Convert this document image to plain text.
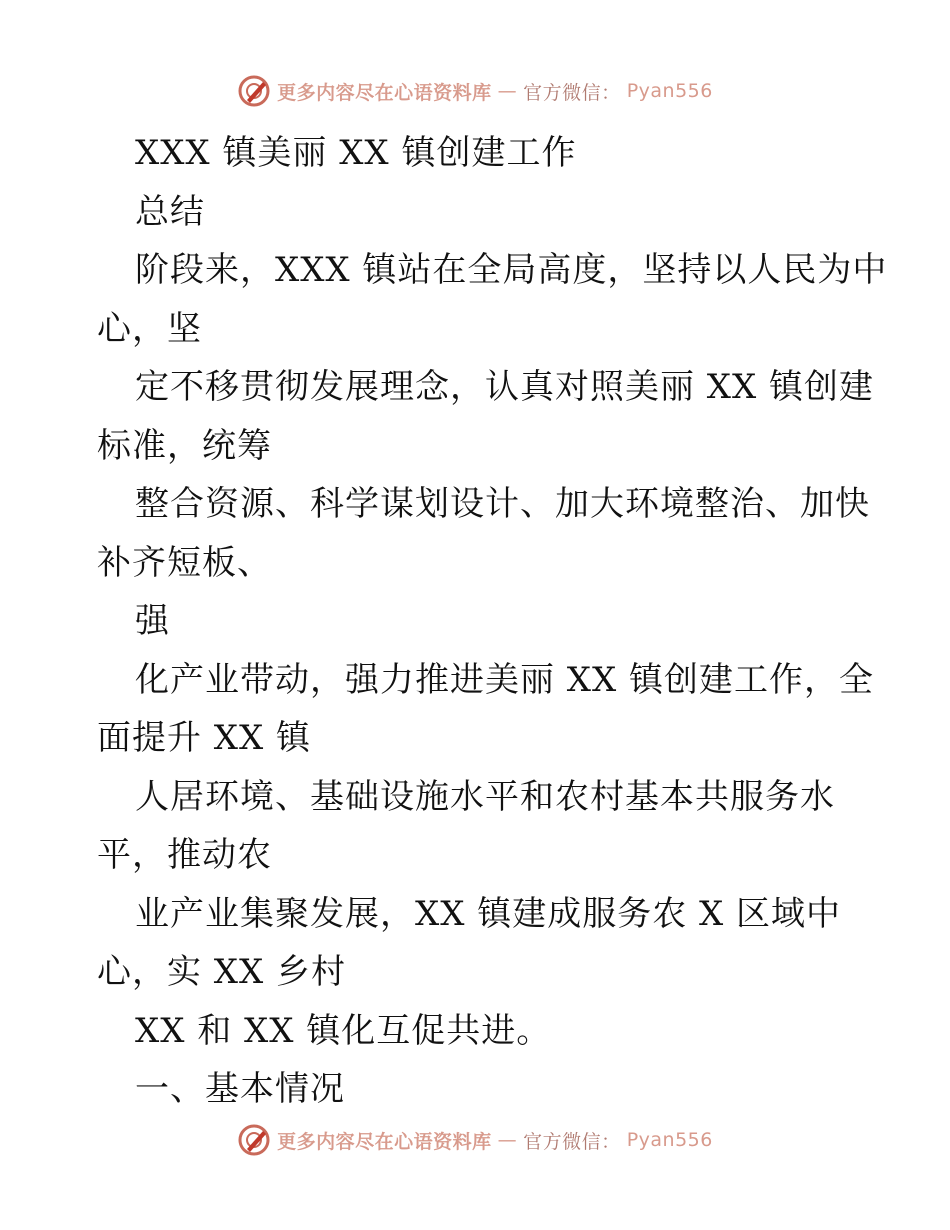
更多内容尽在心语资料库 — 官方微信： Pyan556
XXX 镇美丽 XX 镇创建工作
总结
阶段来，XXX 镇站在全局高度，坚持以人民为中
心，坚
定不移贯彻发展理念，认真对照美丽 XX 镇创建
标准，统筹
整合资源、科学谋划设计、加大环境整治、加快
补齐短板、
强
化产业带动，强力推进美丽 XX 镇创建工作，全
面提升 XX 镇
人居环境、基础设施水平和农村基本共服务水
平，推动农
业产业集聚发展，XX 镇建成服务农 X 区域中
心，实 XX 乡村
XX 和 XX 镇化互促共进。
一、基本情况
更多内容尽在心语资料库 — 官方微信： Pyan556
